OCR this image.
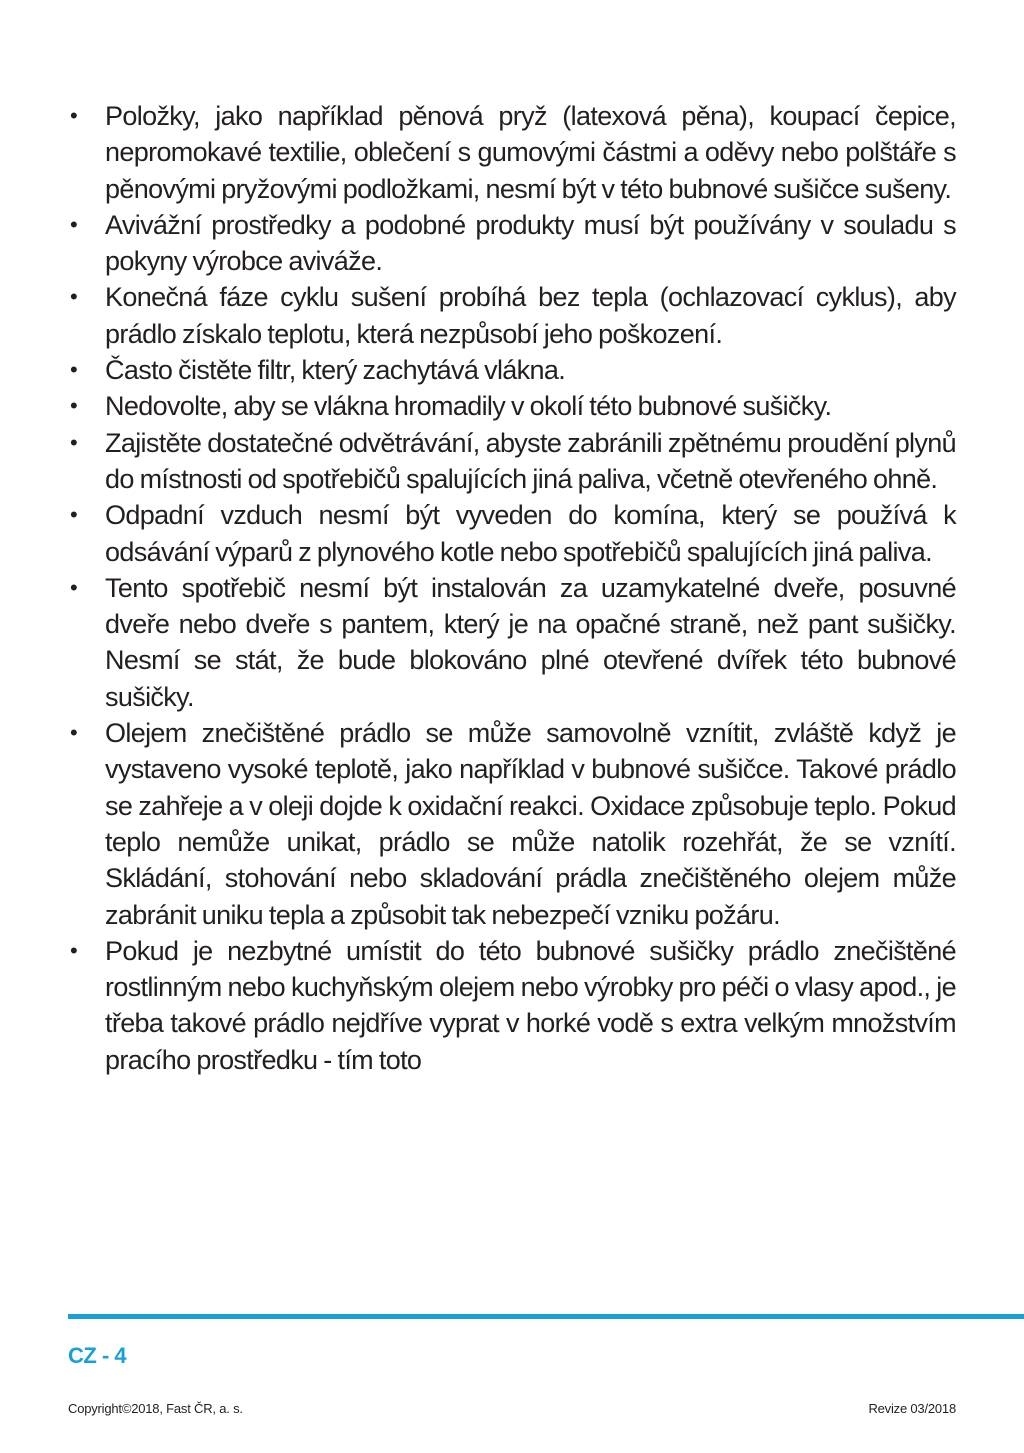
• Položky, jako například pěnová pryž (latexová pěna), koupací čepice, nepromokavé textilie, oblečení s gumovými částmi a oděvy nebo polštáře s pěnovými pryžovými podložkami, nesmí být v této bubnové sušičce sušeny.
• Avivážní prostředky a podobné produkty musí být používány v souladu s pokyny výrobce aviváže.
• Konečná fáze cyklu sušení probíhá bez tepla (ochlazovací cyklus), aby prádlo získalo teplotu, která nezpůsobí jeho poškození.
• Často čistěte filtr, který zachytává vlákna.
• Nedovolte, aby se vlákna hromadily v okolí této bubnové sušičky.
• Zajistěte dostatečné odvětrávání, abyste zabránili zpětnému proudění plynů do místnosti od spotřebičů spalujících jiná paliva, včetně otevřeného ohně.
• Odpadní vzduch nesmí být vyveden do komína, který se používá k odsávání výparů z plynového kotle nebo spotřebičů spalujících jiná paliva.
• Tento spotřebič nesmí být instalován za uzamykatelné dveře, posuvné dveře nebo dveře s pantem, který je na opačné straně, než pant sušičky. Nesmí se stát, že bude blokováno plné otevřené dvířek této bubnové sušičky.
• Olejem znečištěné prádlo se může samovolně vznítit, zvláště když je vystaveno vysoké teplotě, jako například v bubnové sušičce. Takové prádlo se zahřeje a v oleji dojde k oxidační reakci. Oxidace způsobuje teplo. Pokud teplo nemůže unikat, prádlo se může natolik rozehřát, že se vznítí. Skládání, stohování nebo skladování prádla znečištěného olejem může zabránit uniku tepla a způsobit tak nebezpečí vzniku požáru.
• Pokud je nezbytné umístit do této bubnové sušičky prádlo znečištěné rostlinným nebo kuchyňským olejem nebo výrobky pro péči o vlasy apod., je třeba takové prádlo nejdříve vyprat v horké vodě s extra velkým množstvím pracího prostředku - tím toto
CZ - 4
Copyright©2018, Fast ČR, a. s.	Revize 03/2018
